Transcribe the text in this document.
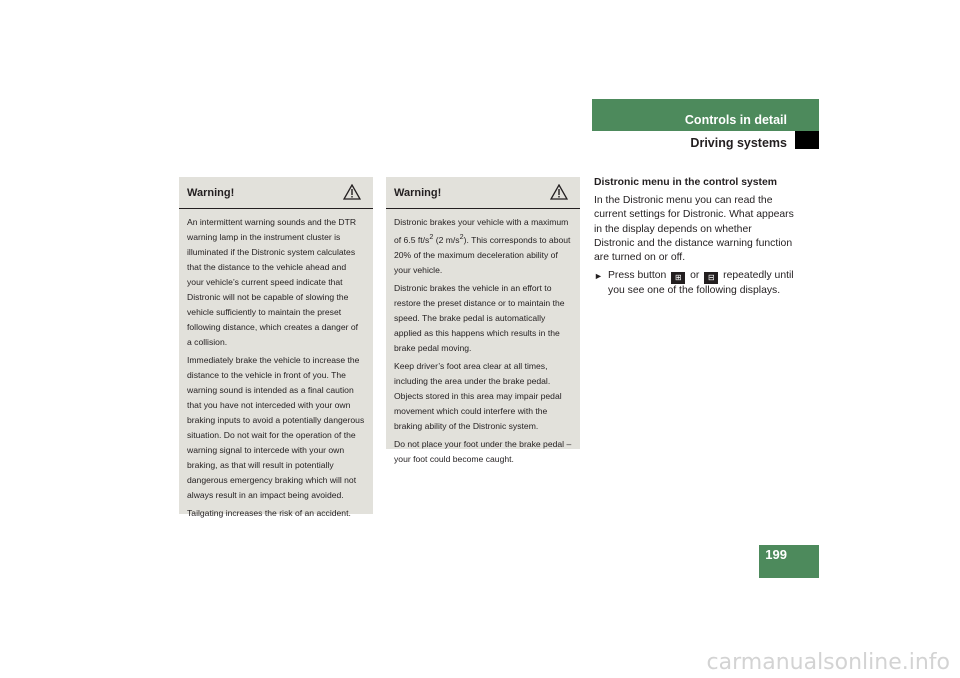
Controls in detail
Driving systems
Warning!

An intermittent warning sounds and the DTR warning lamp in the instrument cluster is illuminated if the Distronic system calculates that the distance to the vehicle ahead and your vehicle’s current speed indicate that Distronic will not be capable of slowing the vehicle sufficiently to maintain the preset following distance, which creates a danger of a collision.

Immediately brake the vehicle to increase the distance to the vehicle in front of you. The warning sound is intended as a final caution that you have not interceded with your own braking inputs to avoid a potentially dangerous situation. Do not wait for the operation of the warning signal to intercede with your own braking, as that will result in potentially dangerous emergency braking which will not always result in an impact being avoided.

Tailgating increases the risk of an accident.

Warning!

Distronic brakes your vehicle with a maximum of 6.5 $ft/s^2$ (2 $m/s^2$). This corresponds to about 20% of the maximum deceleration ability of your vehicle.

Distronic brakes the vehicle in an effort to restore the preset distance or to maintain the speed. The brake pedal is automatically applied as this happens which results in the brake pedal moving.

Keep driver’s foot area clear at all times, including the area under the brake pedal. Objects stored in this area may impair pedal movement which could interfere with the braking ability of the Distronic system.

Do not place your foot under the brake pedal – your foot could become caught.

Distronic menu in the control system

In the Distronic menu you can read the current settings for Distronic. What appears in the display depends on whether Distronic and the distance warning function are turned on or off.

► Press button ⊞ or ⊟ repeatedly until you see one of the following displays.
199
carmanualsonline.info
